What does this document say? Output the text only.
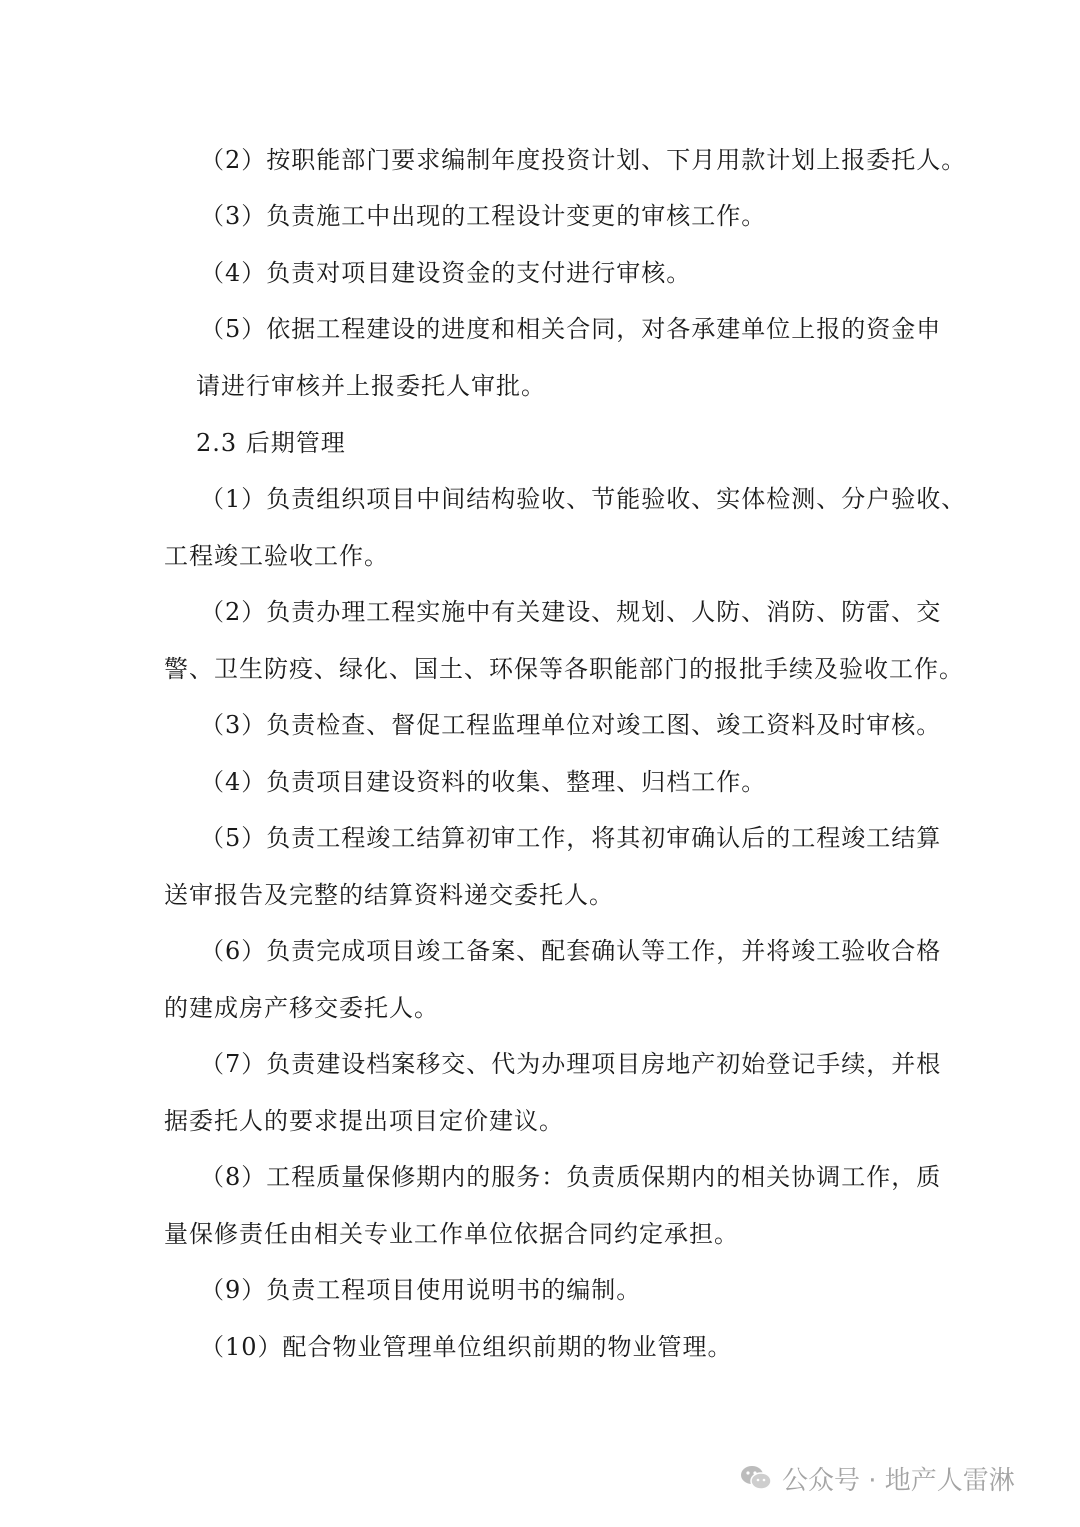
（2）按职能部门要求编制年度投资计划、下月用款计划上报委托人。
（3）负责施工中出现的工程设计变更的审核工作。
（4）负责对项目建设资金的支付进行审核。
（5）依据工程建设的进度和相关合同，对各承建单位上报的资金申
请进行审核并上报委托人审批。
2.3 后期管理
（1）负责组织项目中间结构验收、节能验收、实体检测、分户验收、
工程竣工验收工作。
（2）负责办理工程实施中有关建设、规划、人防、消防、防雷、交
警、卫生防疫、绿化、国土、环保等各职能部门的报批手续及验收工作。
（3）负责检查、督促工程监理单位对竣工图、竣工资料及时审核。
（4）负责项目建设资料的收集、整理、归档工作。
（5）负责工程竣工结算初审工作，将其初审确认后的工程竣工结算
送审报告及完整的结算资料递交委托人。
（6）负责完成项目竣工备案、配套确认等工作，并将竣工验收合格
的建成房产移交委托人。
（7）负责建设档案移交、代为办理项目房地产初始登记手续，并根
据委托人的要求提出项目定价建议。
（8）工程质量保修期内的服务：负责质保期内的相关协调工作，质
量保修责任由相关专业工作单位依据合同约定承担。
（9）负责工程项目使用说明书的编制。
（10）配合物业管理单位组织前期的物业管理。
公众号 · 地产人雷淋
